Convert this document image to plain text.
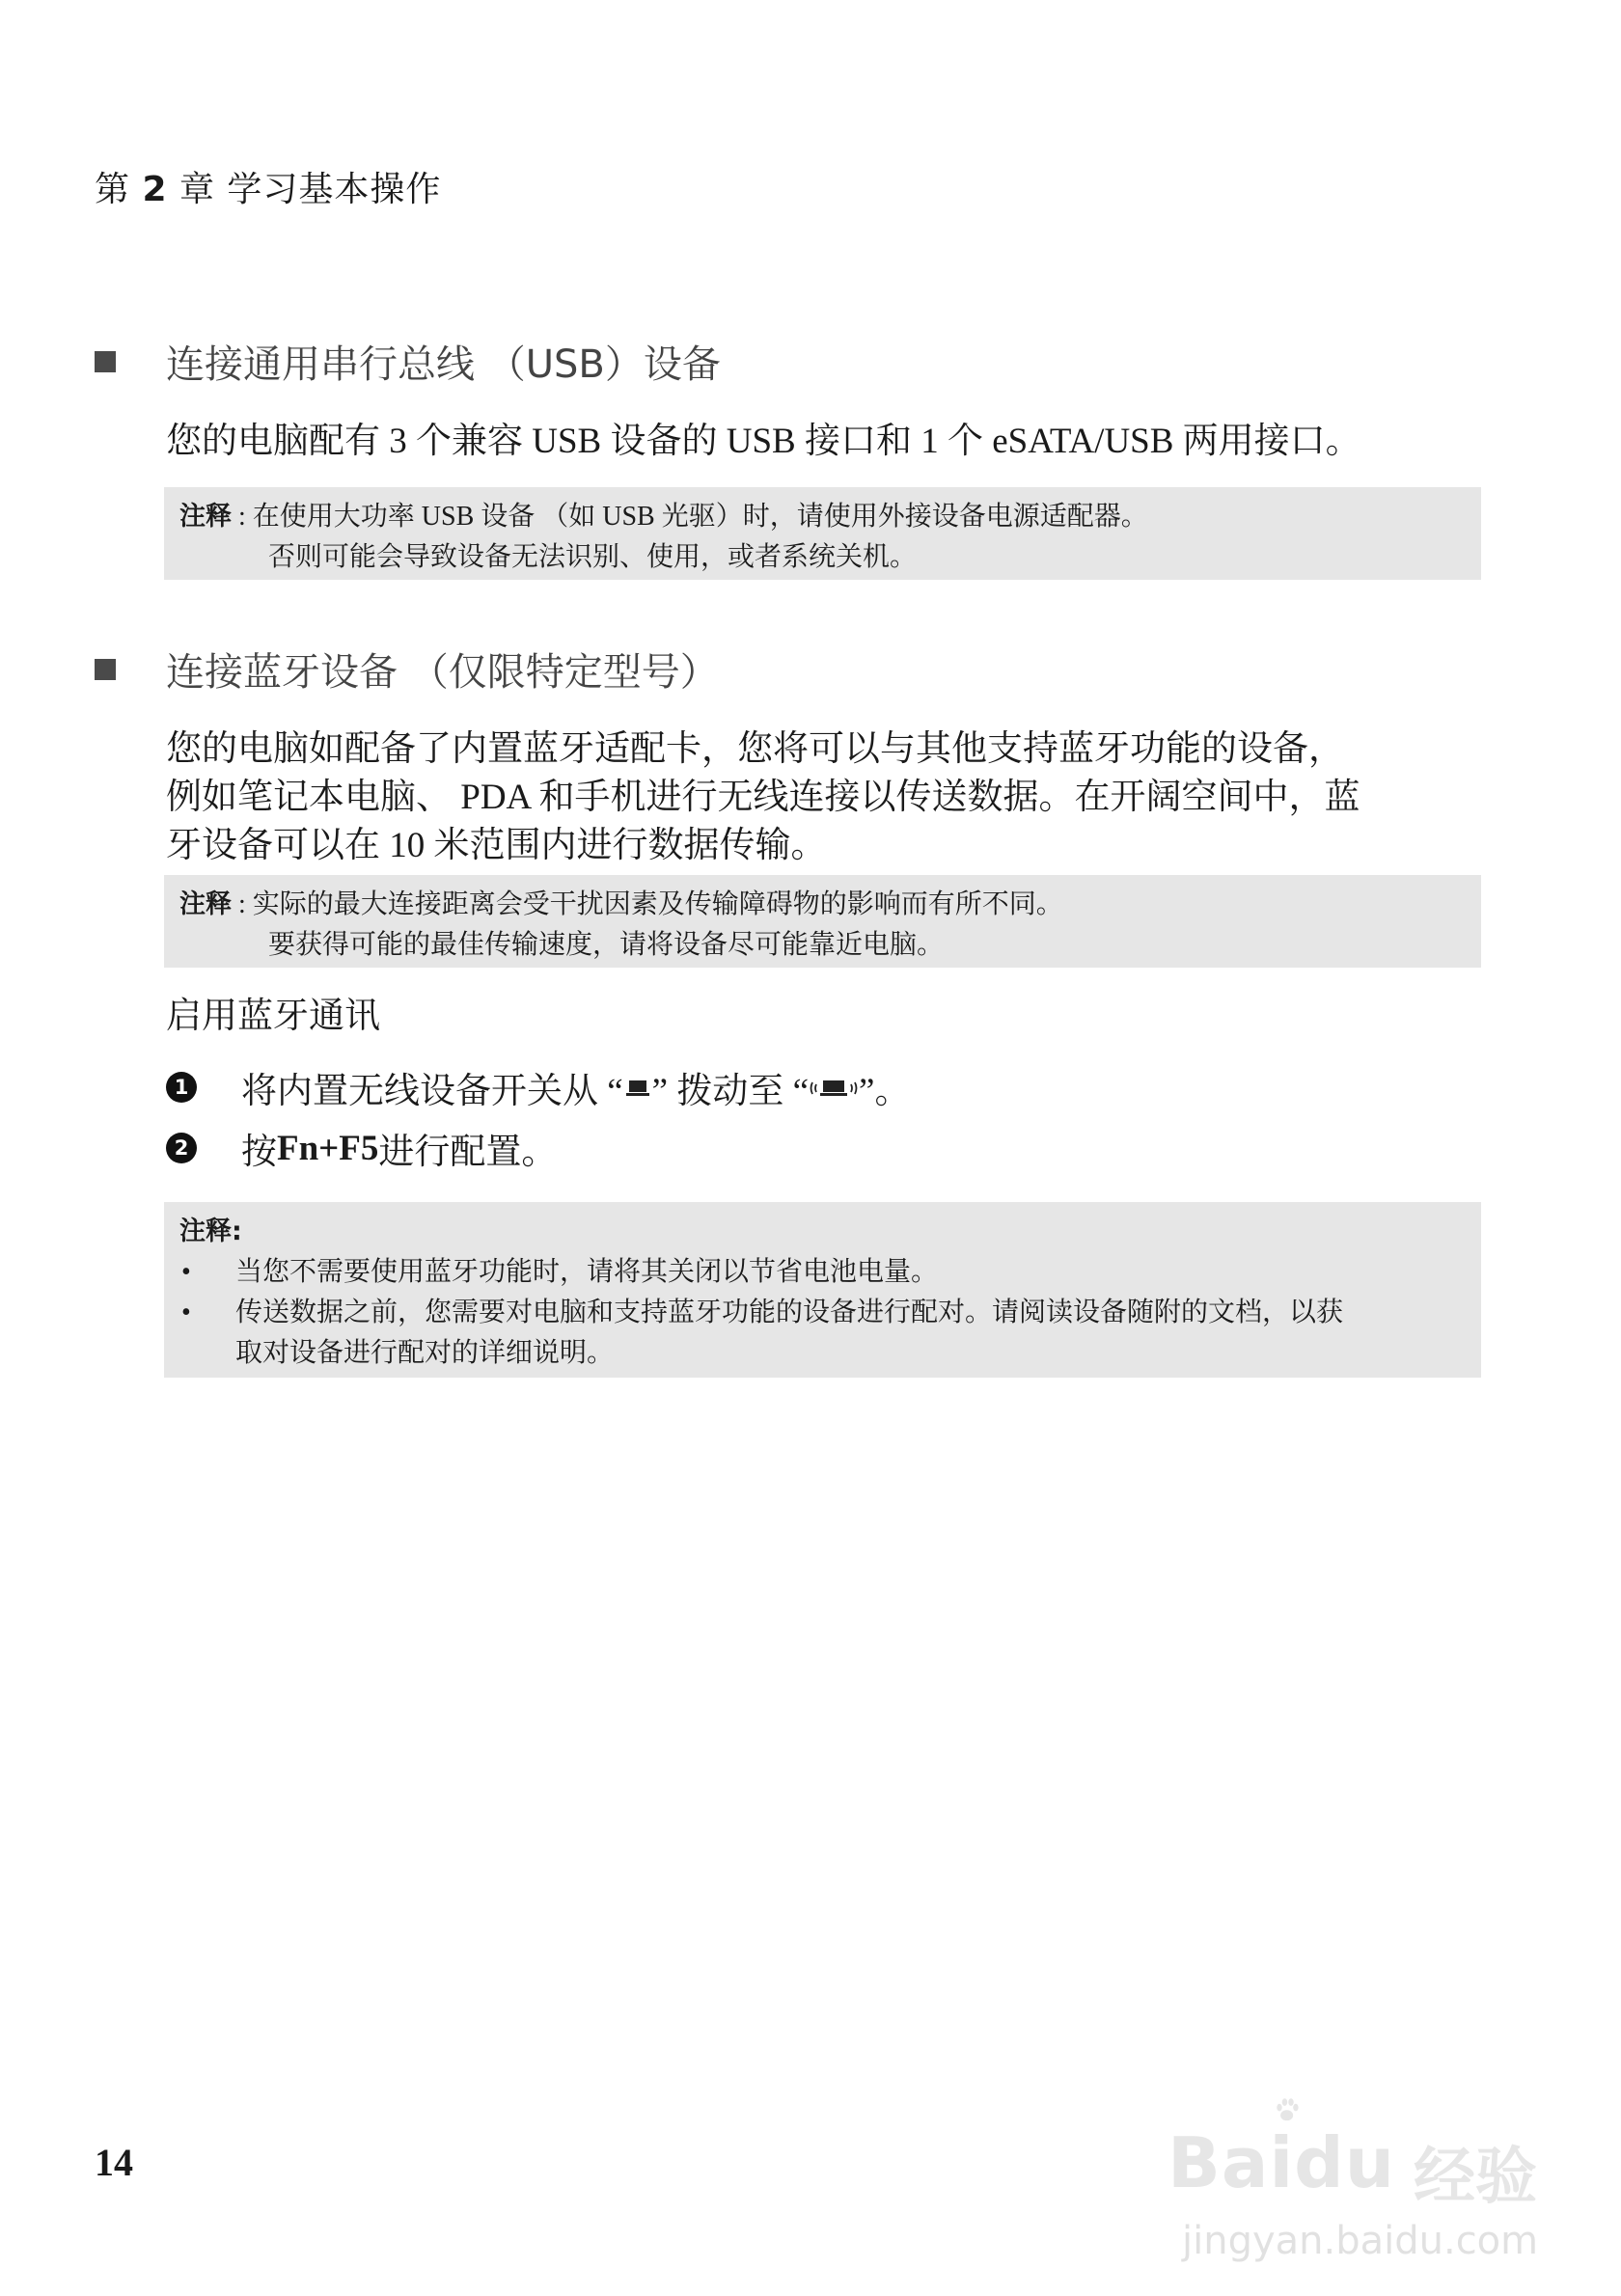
第 2 章 学习基本操作
连接通用串行总线 （USB）设备
您的电脑配有 3 个兼容 USB 设备的 USB 接口和 1 个 eSATA/USB 两用接口。
注释 : 在使用大功率 USB 设备 （如 USB 光驱）时，请使用外接设备电源适配器。
否则可能会导致设备无法识别、使用，或者系统关机。
连接蓝牙设备 （仅限特定型号）
您的电脑如配备了内置蓝牙适配卡，您将可以与其他支持蓝牙功能的设备，
例如笔记本电脑、 PDA 和手机进行无线连接以传送数据。在开阔空间中，蓝
牙设备可以在 10 米范围内进行数据传输。
注释 : 实际的最大连接距离会受干扰因素及传输障碍物的影响而有所不同。
要获得可能的最佳传输速度，请将设备尽可能靠近电脑。
启用蓝牙通讯
1 将内置无线设备开关从 “ ” 拨动至 “ ”。
2 按 Fn+F5 进行配置。
注释:
•	当您不需要使用蓝牙功能时，请将其关闭以节省电池电量。
•	传送数据之前，您需要对电脑和支持蓝牙功能的设备进行配对。请阅读设备随附的文档，以获
取对设备进行配对的详细说明。
14	Baidu 经验
jingyan.baidu.com
